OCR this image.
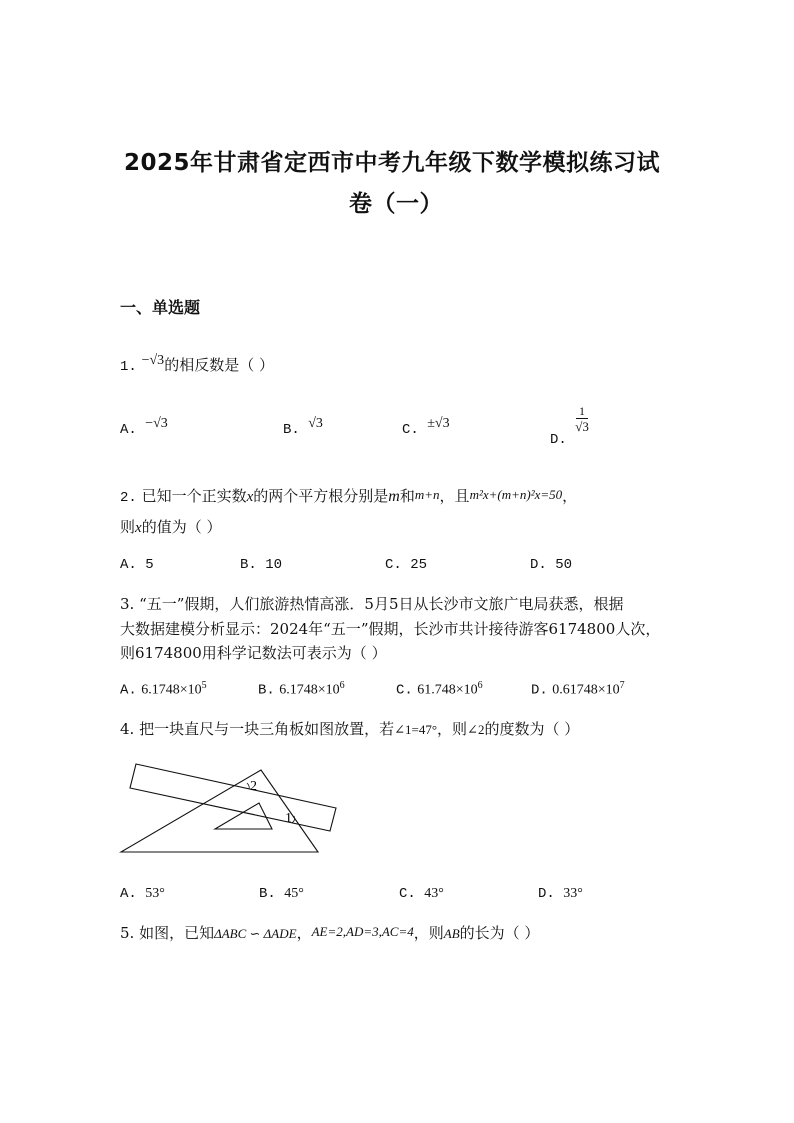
2025年甘肃省定西市中考九年级下数学模拟练习试
卷（一）
一、单选题
1. −√3的相反数是（ ）
A. −√3	B. √3	C. ±√3
D.
$\frac{1}{√3}$
2. 已知一个正实数x的两个平方根分别是m和m+n，且m²x+(m+n)²x=50，
则x的值为（ ）
A. 5	B. 10	C. 25	D. 50
3. “五一”假期，人们旅游热情高涨．5月5日从长沙市文旅广电局获悉，根据
大数据建模分析显示：2024年“五一”假期，长沙市共计接待游客6174800人次，
则6174800用科学记数法可表示为（ ）
A. $6.1748\times 10^5$	B. $6.1748\times 10^6$	C. $61.748\times 10^6$	D. $0.61748\times 10^7$
4. 把一块直尺与一块三角板如图放置，若∠1=47°，则∠2的度数为（ ）
2
1
A. 53°	B. 45°	C. 43°	D. 33°
5. 如图，已知ΔABC ∽ ΔADE，AE=2,AD=3,AC=4，则AB的长为（ ）
